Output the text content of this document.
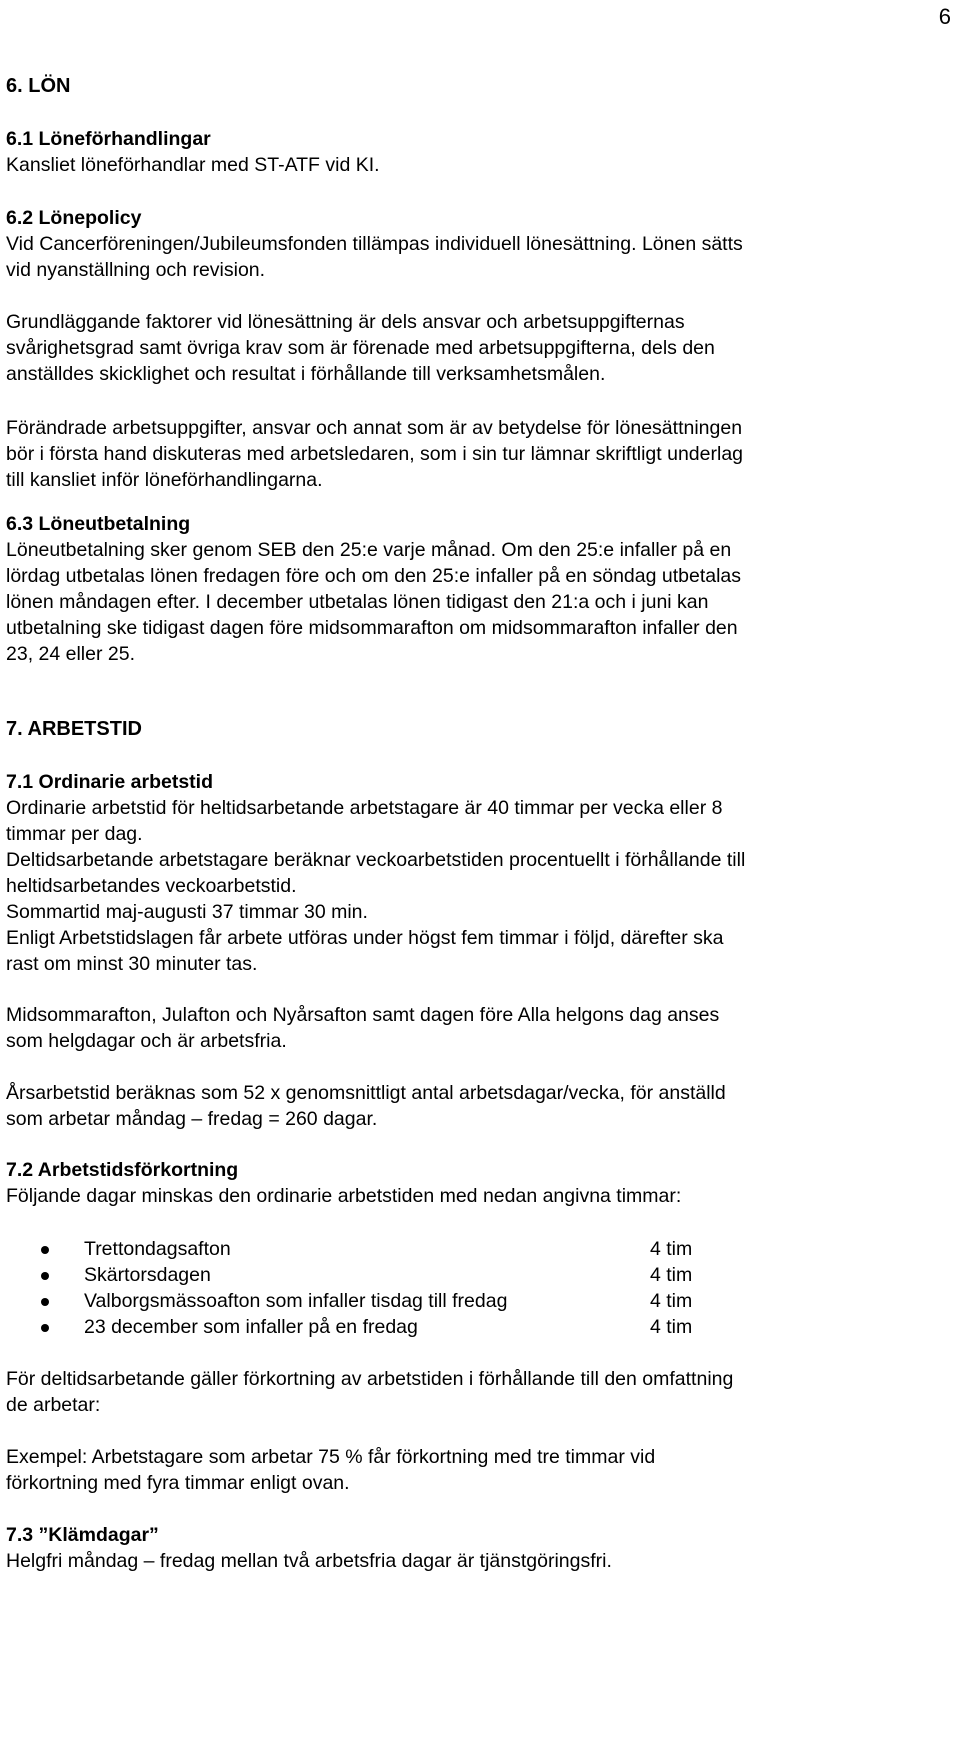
6
6. LÖN
6.1 Löneförhandlingar
Kansliet löneförhandlar med ST-ATF vid KI.
6.2 Lönepolicy
Vid Cancerföreningen/Jubileumsfonden tillämpas individuell lönesättning. Lönen sätts
vid nyanställning och revision.
Grundläggande faktorer vid lönesättning är dels ansvar och arbetsuppgifternas
svårighetsgrad samt övriga krav som är förenade med arbetsuppgifterna, dels den
anställdes skicklighet och resultat i förhållande till verksamhetsmålen.
Förändrade arbetsuppgifter, ansvar och annat som är av betydelse för lönesättningen
bör i första hand diskuteras med arbetsledaren, som i sin tur lämnar skriftligt underlag
till kansliet inför löneförhandlingarna.
6.3 Löneutbetalning
Löneutbetalning sker genom SEB den 25:e varje månad. Om den 25:e infaller på en
lördag utbetalas lönen fredagen före och om den 25:e infaller på en söndag utbetalas
lönen måndagen efter. I december utbetalas lönen tidigast den 21:a och i juni kan
utbetalning ske tidigast dagen före midsommarafton om midsommarafton infaller den
23, 24 eller 25.
7. ARBETSTID
7.1 Ordinarie arbetstid
Ordinarie arbetstid för heltidsarbetande arbetstagare är 40 timmar per vecka eller 8
timmar per dag.
Deltidsarbetande arbetstagare beräknar veckoarbetstiden procentuellt i förhållande till
heltidsarbetandes veckoarbetstid.
Sommartid maj-augusti 37 timmar 30 min.
Enligt Arbetstidslagen får arbete utföras under högst fem timmar i följd, därefter ska
rast om minst 30 minuter tas.
Midsommarafton, Julafton och Nyårsafton samt dagen före Alla helgons dag anses
som helgdagar och är arbetsfria.
Årsarbetstid beräknas som 52 x genomsnittligt antal arbetsdagar/vecka, för anställd
som arbetar måndag – fredag = 260 dagar.
7.2 Arbetstidsförkortning
Följande dagar minskas den ordinarie arbetstiden med nedan angivna timmar:
Trettondagsafton	4 tim
Skärtorsdagen	4 tim
Valborgsmässoafton som infaller tisdag till fredag	4 tim
23 december som infaller på en fredag	4 tim
För deltidsarbetande gäller förkortning av arbetstiden i förhållande till den omfattning
de arbetar:
Exempel: Arbetstagare som arbetar 75 % får förkortning med tre timmar vid
förkortning med fyra timmar enligt ovan.
7.3 ”Klämdagar”
Helgfri måndag – fredag mellan två arbetsfria dagar är tjänstgöringsfri.
